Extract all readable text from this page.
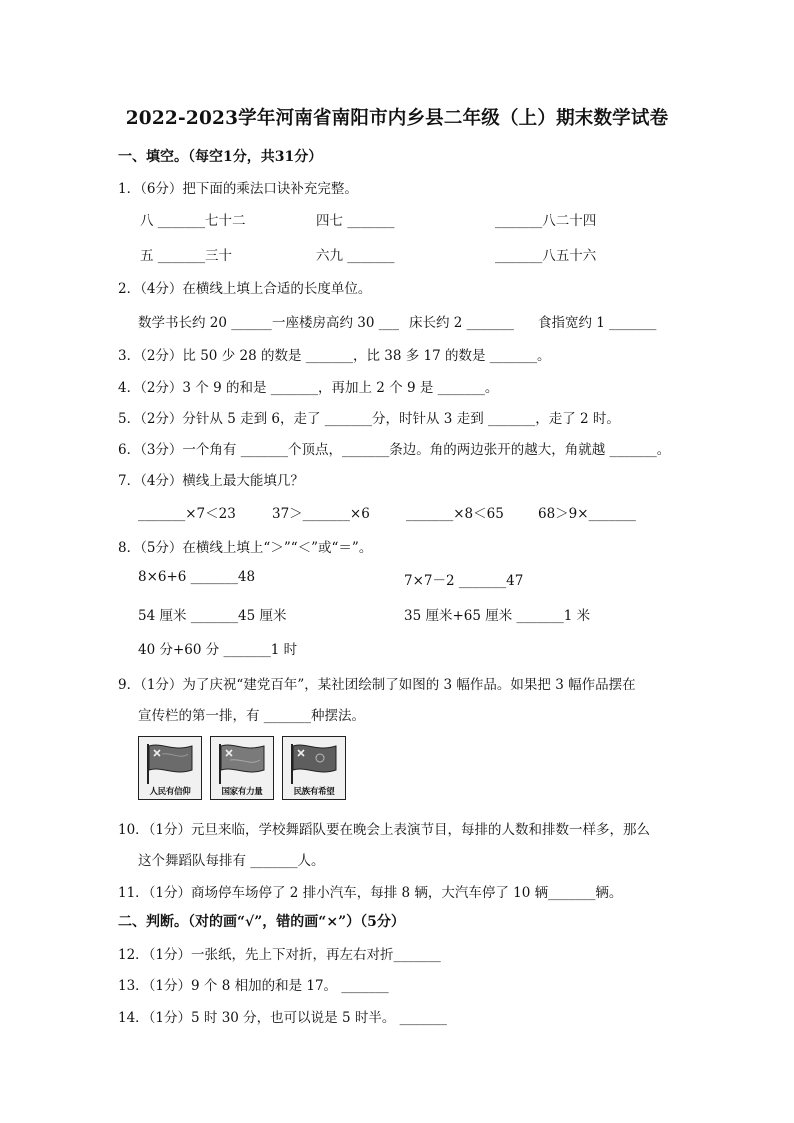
2022-2023学年河南省南阳市内乡县二年级（上）期末数学试卷
一、填空。（每空1分，共31分）
1．（6分）把下面的乘法口诀补充完整。
八 _______七十二	四七 _______	_______八二十四
五 _______三十	六九 _______	_______八五十六
2．（4分）在横线上填上合适的长度单位。
数学书长约 20 ______ 一座楼房高约 30 ___ 床长约 2 _______ 食指宽约 1 _______
3．（2分）比 50 少 28 的数是 _______，比 38 多 17 的数是 _______。
4．（2分）3 个 9 的和是 _______，再加上 2 个 9 是 _______。
5．（2分）分针从 5 走到 6，走了 _______分，时针从 3 走到 _______，走了 2 时。
6．（3分）一个角有 _______个顶点，_______条边。角的两边张开的越大，角就越 _______。
7．（4分）横线上最大能填几？
_______×7＜23	37＞_______×6	_______×8＜65	68＞9×_______
8．（5分）在横线上填上“＞”“＜”或“＝”。
8×6+6 _______48	7×7－2 _______47
54 厘米 _______45 厘米	35 厘米+65 厘米 _______1 米
40 分+60 分 _______1 时
9．（1分）为了庆祝“建党百年”，某社团绘制了如图的 3 幅作品。如果把 3 幅作品摆在
宣传栏的第一排，有 _______种摆法。
人民有信仰	国家有力量	民族有希望
10．（1分）元旦来临，学校舞蹈队要在晚会上表演节目，每排的人数和排数一样多，那么
这个舞蹈队每排有 _______人。
11．（1分）商场停车场停了 2 排小汽车，每排 8 辆，大汽车停了 10 辆_______辆。
二、判断。（对的画“√”，错的画“×”）（5分）
12．（1分）一张纸，先上下对折，再左右对折_______
13．（1分）9 个 8 相加的和是 17。 _______
14．（1分）5 时 30 分，也可以说是 5 时半。 _______
